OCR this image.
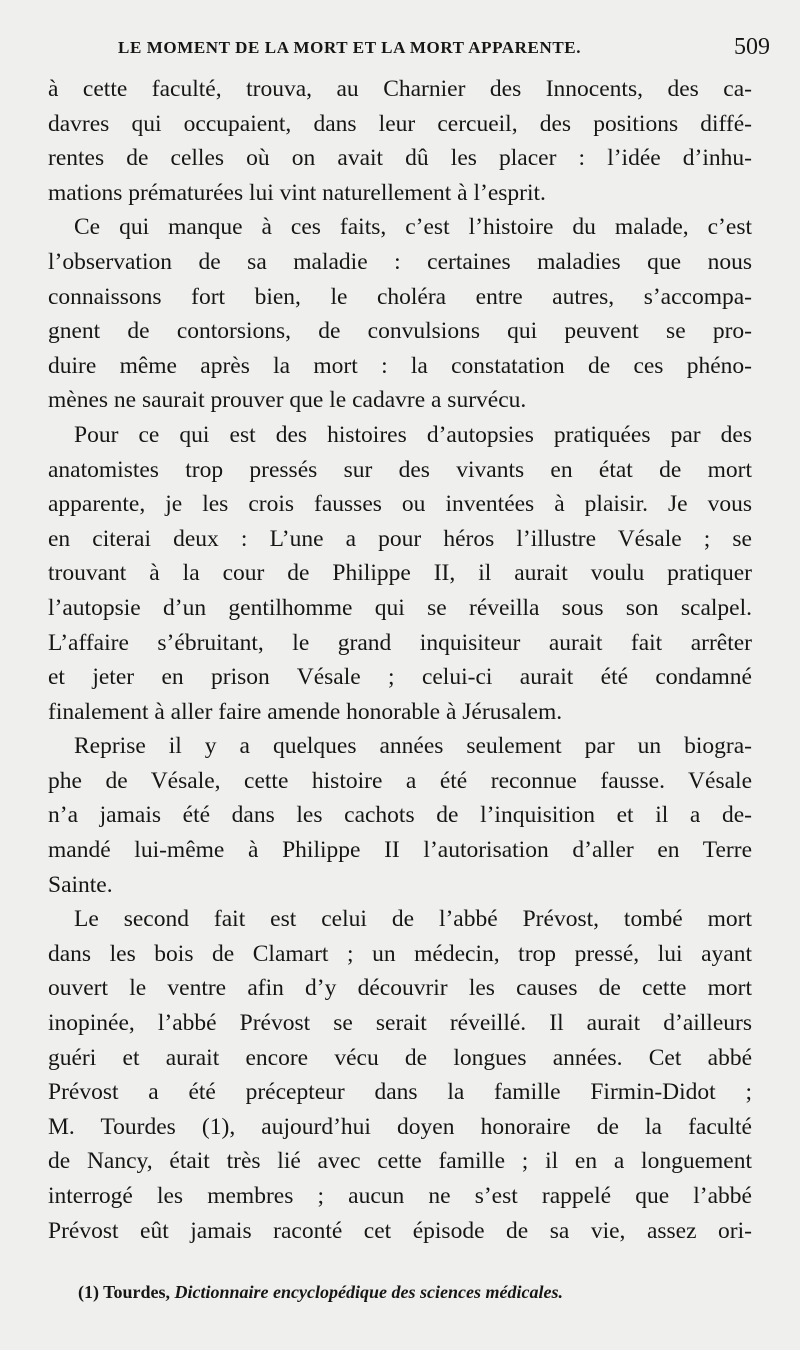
LE MOMENT DE LA MORT ET LA MORT APPARENTE.	509
à cette faculté, trouva, au Charnier des Innocents, des ca-
davres qui occupaient, dans leur cercueil, des positions diffé-
rentes de celles où on avait dû les placer : l’idée d’inhu-
mations prématurées lui vint naturellement à l’esprit.
Ce qui manque à ces faits, c’est l’histoire du malade, c’est
l’observation de sa maladie : certaines maladies que nous
connaissons fort bien, le choléra entre autres, s’accompa-
gnent de contorsions, de convulsions qui peuvent se pro-
duire même après la mort : la constatation de ces phéno-
mènes ne saurait prouver que le cadavre a survécu.
Pour ce qui est des histoires d’autopsies pratiquées par des
anatomistes trop pressés sur des vivants en état de mort
apparente, je les crois fausses ou inventées à plaisir. Je vous
en citerai deux : L’une a pour héros l’illustre Vésale ; se
trouvant à la cour de Philippe II, il aurait voulu pratiquer
l’autopsie d’un gentilhomme qui se réveilla sous son scalpel.
L’affaire s’ébruitant, le grand inquisiteur aurait fait arrêter
et jeter en prison Vésale ; celui-ci aurait été condamné
finalement à aller faire amende honorable à Jérusalem.
Reprise il y a quelques années seulement par un biogra-
phe de Vésale, cette histoire a été reconnue fausse. Vésale
n’a jamais été dans les cachots de l’inquisition et il a de-
mandé lui-même à Philippe II l’autorisation d’aller en Terre
Sainte.
Le second fait est celui de l’abbé Prévost, tombé mort
dans les bois de Clamart ; un médecin, trop pressé, lui ayant
ouvert le ventre afin d’y découvrir les causes de cette mort
inopinée, l’abbé Prévost se serait réveillé. Il aurait d’ailleurs
guéri et aurait encore vécu de longues années. Cet abbé
Prévost a été précepteur dans la famille Firmin-Didot ;
M. Tourdes (1), aujourd’hui doyen honoraire de la faculté
de Nancy, était très lié avec cette famille ; il en a longuement
interrogé les membres ; aucun ne s’est rappelé que l’abbé
Prévost eût jamais raconté cet épisode de sa vie, assez ori-
(1) Tourdes, Dictionnaire encyclopédique des sciences médicales.
